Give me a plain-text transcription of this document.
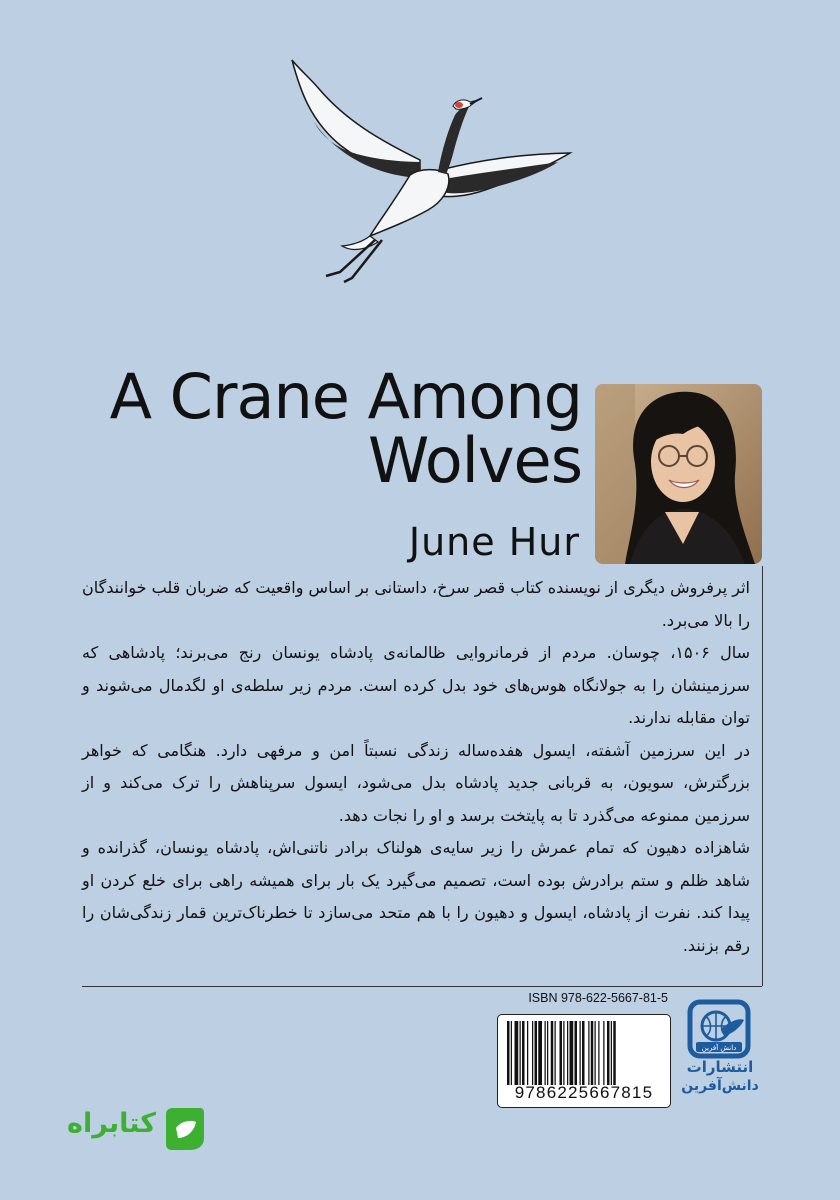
A Crane Among
Wolves
June Hur

اثر پرفروش دیگری از نویسنده کتاب قصر سرخ، داستانی بر اساس واقعیت که ضربان قلب خوانندگان را بالا می‌برد.

سال ۱۵۰۶، چوسان. مردم از فرمانروایی ظالمانه‌ی پادشاه یونسان رنج می‌برند؛ پادشاهی که سرزمینشان را به جولانگاه هوس‌های خود بدل کرده است. مردم زیر سلطه‌ی او لگدمال می‌شوند و توان مقابله ندارند.

در این سرزمین آشفته، ایسول هفده‌ساله زندگی نسبتاً امن و مرفهی دارد. هنگامی که خواهر بزرگترش، سویون، به قربانی جدید پادشاه بدل می‌شود، ایسول سرپناهش را ترک می‌کند و از سرزمین ممنوعه می‌گذرد تا به پایتخت برسد و او را نجات دهد.

شاهزاده دهیون که تمام عمرش را زیر سایه‌ی هولناک برادر ناتنی‌اش، پادشاه یونسان، گذرانده و شاهد ظلم و ستم برادرش بوده است، تصمیم می‌گیرد یک بار برای همیشه راهی برای خلع کردن او پیدا کند. نفرت از پادشاه، ایسول و دهیون را با هم متحد می‌سازد تا خطرناک‌ترین قمار زندگی‌شان را رقم بزنند.

ISBN 978-622-5667-81-5
9786225667815
دانش آفرین
انتشارات
دانش‌آفرین
کتابراه
